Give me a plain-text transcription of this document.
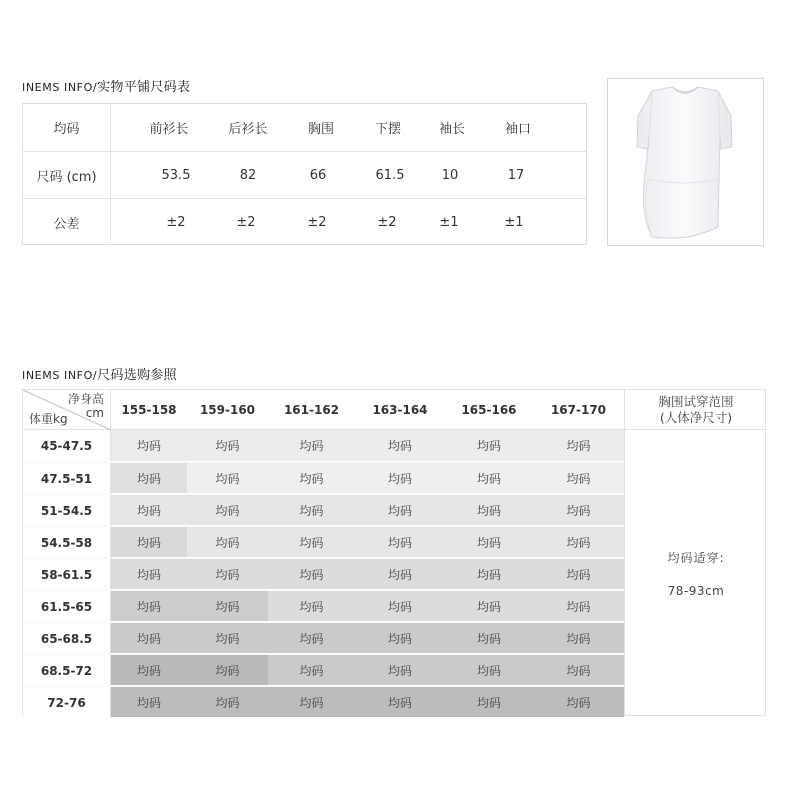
INEMS INFO/实物平铺尺码表
均码	前衫长	后衫长	胸围	下摆	袖长	袖口
尺码 (cm)	53.5	82	66	61.5	10	17
公差	±2	±2	±2	±2	±1	±1
INEMS INFO/尺码选购参照
净身高
cm
体重kg
155-158	159-160	161-162	163-164	165-166	167-170
胸围试穿范围
(人体净尺寸)
45-47.5	均码	均码	均码	均码	均码	均码
47.5-51	均码	均码	均码	均码	均码	均码
51-54.5	均码	均码	均码	均码	均码	均码
54.5-58	均码	均码	均码	均码	均码	均码
58-61.5	均码	均码	均码	均码	均码	均码
61.5-65	均码	均码	均码	均码	均码	均码
65-68.5	均码	均码	均码	均码	均码	均码
68.5-72	均码	均码	均码	均码	均码	均码
72-76	均码	均码	均码	均码	均码	均码
均码适穿:
78-93cm
